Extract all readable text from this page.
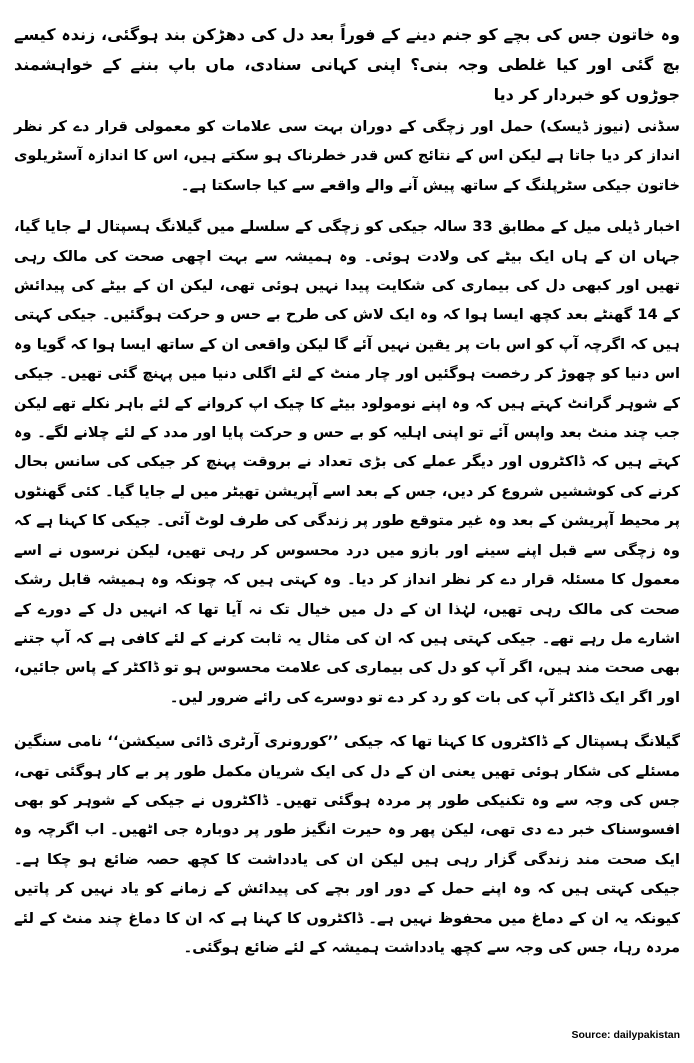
وہ خاتون جس کی بچے کو جنم دینے کے فوراً بعد دل کی دھڑکن بند ہوگئی، زندہ کیسے بچ گئی اور کیا غلطی وجہ بنی؟ اپنی کہانی سنادی، ماں باپ بننے کے خواہشمند جوڑوں کو خبردار کر دیا
سڈنی (نیوز ڈیسک) حمل اور زچگی کے دوران بہت سی علامات کو معمولی قرار دے کر نظر انداز کر دیا جاتا ہے لیکن اس کے نتائج کس قدر خطرناک ہو سکتے ہیں، اس کا اندازہ آسٹریلوی خاتون جیکی سٹرپلنگ کے ساتھ پیش آنے والے واقعے سے کیا جاسکتا ہے۔
اخبار ڈیلی میل کے مطابق 33 سالہ جیکی کو زچگی کے سلسلے میں گیلانگ ہسپتال لے جایا گیا، جہاں ان کے ہاں ایک بیٹے کی ولادت ہوئی۔ وہ ہمیشہ سے بہت اچھی صحت کی مالک رہی تھیں اور کبھی دل کی بیماری کی شکایت پیدا نہیں ہوئی تھی، لیکن ان کے بیٹے کی پیدائش کے 14 گھنٹے بعد کچھ ایسا ہوا کہ وہ ایک لاش کی طرح بے حس و حرکت ہوگئیں۔ جیکی کہتی ہیں کہ اگرچہ آپ کو اس بات پر یقین نہیں آئے گا لیکن واقعی ان کے ساتھ ایسا ہوا کہ گویا وہ اس دنیا کو چھوڑ کر رخصت ہوگئیں اور چار منٹ کے لئے اگلی دنیا میں پہنچ گئی تھیں۔ جیکی کے شوہر گرانٹ کہتے ہیں کہ وہ اپنے نومولود بیٹے کا چیک اپ کروانے کے لئے باہر نکلے تھے لیکن جب چند منٹ بعد واپس آئے تو اپنی اہلیہ کو بے حس و حرکت پایا اور مدد کے لئے چلانے لگے۔ وہ کہتے ہیں کہ ڈاکٹروں اور دیگر عملے کی بڑی تعداد نے بروقت پہنچ کر جیکی کی سانس بحال کرنے کی کوششیں شروع کر دیں، جس کے بعد اسے آپریشن تھیٹر میں لے جایا گیا۔ کئی گھنٹوں پر محیط آپریشن کے بعد وہ غیر متوقع طور پر زندگی کی طرف لوٹ آئی۔ جیکی کا کہنا ہے کہ وہ زچگی سے قبل اپنے سینے اور بازو میں درد محسوس کر رہی تھیں، لیکن نرسوں نے اسے معمول کا مسئلہ قرار دے کر نظر انداز کر دیا۔ وہ کہتی ہیں کہ چونکہ وہ ہمیشہ قابل رشک صحت کی مالک رہی تھیں، لہٰذا ان کے دل میں خیال تک نہ آیا تھا کہ انہیں دل کے دورے کے اشارے مل رہے تھے۔ جیکی کہتی ہیں کہ ان کی مثال یہ ثابت کرنے کے لئے کافی ہے کہ آپ جتنے بھی صحت مند ہیں، اگر آپ کو دل کی بیماری کی علامت محسوس ہو تو ڈاکٹر کے پاس جائیں، اور اگر ایک ڈاکٹر آپ کی بات کو رد کر دے تو دوسرے کی رائے ضرور لیں۔
گیلانگ ہسپتال کے ڈاکٹروں کا کہنا تھا کہ جیکی ’’کورونری آرٹری ڈائی سیکشن‘‘ نامی سنگین مسئلے کی شکار ہوئی تھیں یعنی ان کے دل کی ایک شریان مکمل طور پر بے کار ہوگئی تھی، جس کی وجہ سے وہ تکنیکی طور پر مردہ ہوگئی تھیں۔ ڈاکٹروں نے جیکی کے شوہر کو بھی افسوسناک خبر دے دی تھی، لیکن پھر وہ حیرت انگیز طور پر دوبارہ جی اٹھیں۔ اب اگرچہ وہ ایک صحت مند زندگی گزار رہی ہیں لیکن ان کی یادداشت کا کچھ حصہ ضائع ہو چکا ہے۔ جیکی کہتی ہیں کہ وہ اپنے حمل کے دور اور بچے کی پیدائش کے زمانے کو یاد نہیں کر پاتیں کیونکہ یہ ان کے دماغ میں محفوظ نہیں ہے۔ ڈاکٹروں کا کہنا ہے کہ ان کا دماغ چند منٹ کے لئے مردہ رہا، جس کی وجہ سے کچھ یادداشت ہمیشہ کے لئے ضائع ہوگئی۔
Source: dailypakistan
